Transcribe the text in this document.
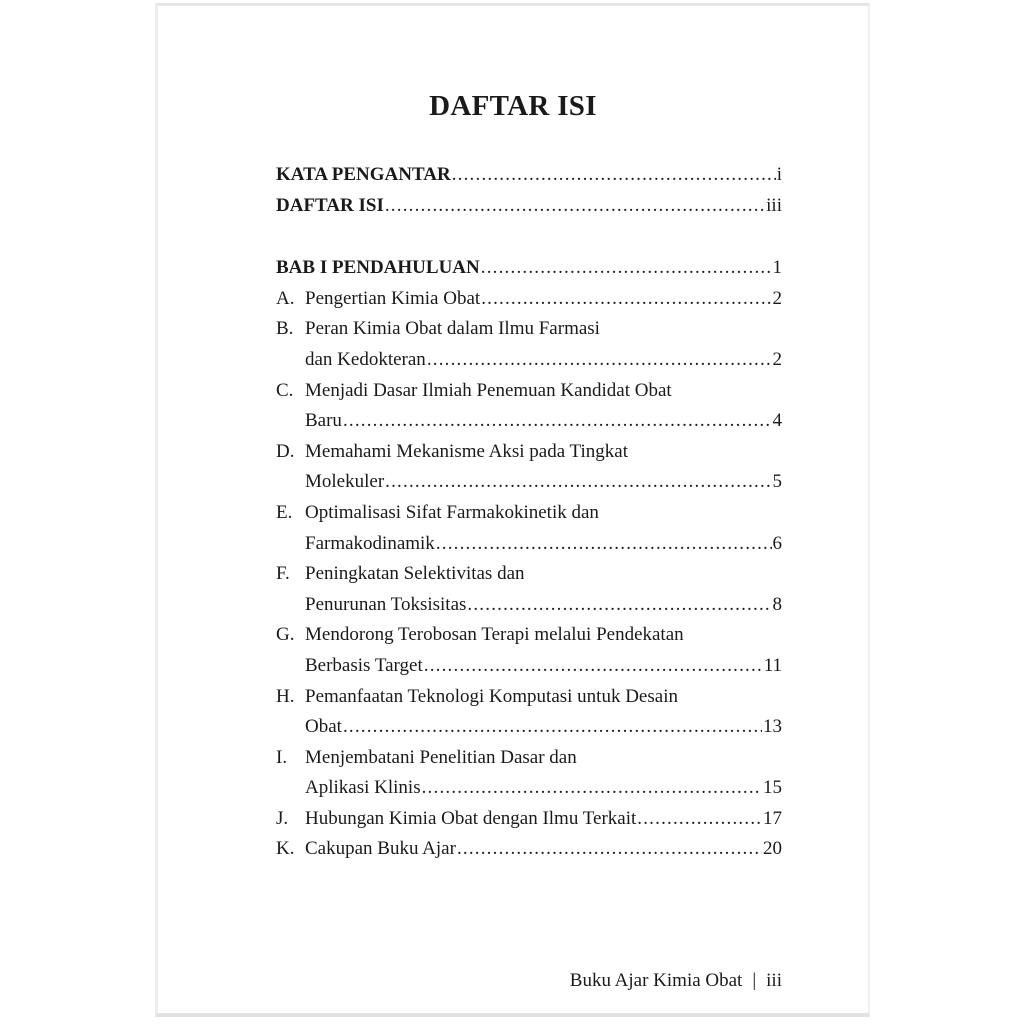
DAFTAR ISI
KATA PENGANTAR .....	i
DAFTAR ISI .....	iii
BAB I PENDAHULUAN .....	1
A. Pengertian Kimia Obat .....	2
B. Peran Kimia Obat dalam Ilmu Farmasi
dan Kedokteran .....	2
C. Menjadi Dasar Ilmiah Penemuan Kandidat Obat
Baru .....	4
D. Memahami Mekanisme Aksi pada Tingkat
Molekuler .....	5
E. Optimalisasi Sifat Farmakokinetik dan
Farmakodinamik .....	6
F. Peningkatan Selektivitas dan
Penurunan Toksisitas .....	8
G. Mendorong Terobosan Terapi melalui Pendekatan
Berbasis Target .....	11
H. Pemanfaatan Teknologi Komputasi untuk Desain
Obat .....	13
I. Menjembatani Penelitian Dasar dan
Aplikasi Klinis .....	15
J. Hubungan Kimia Obat dengan Ilmu Terkait .....	17
K. Cakupan Buku Ajar .....	20
Buku Ajar Kimia Obat | iii
